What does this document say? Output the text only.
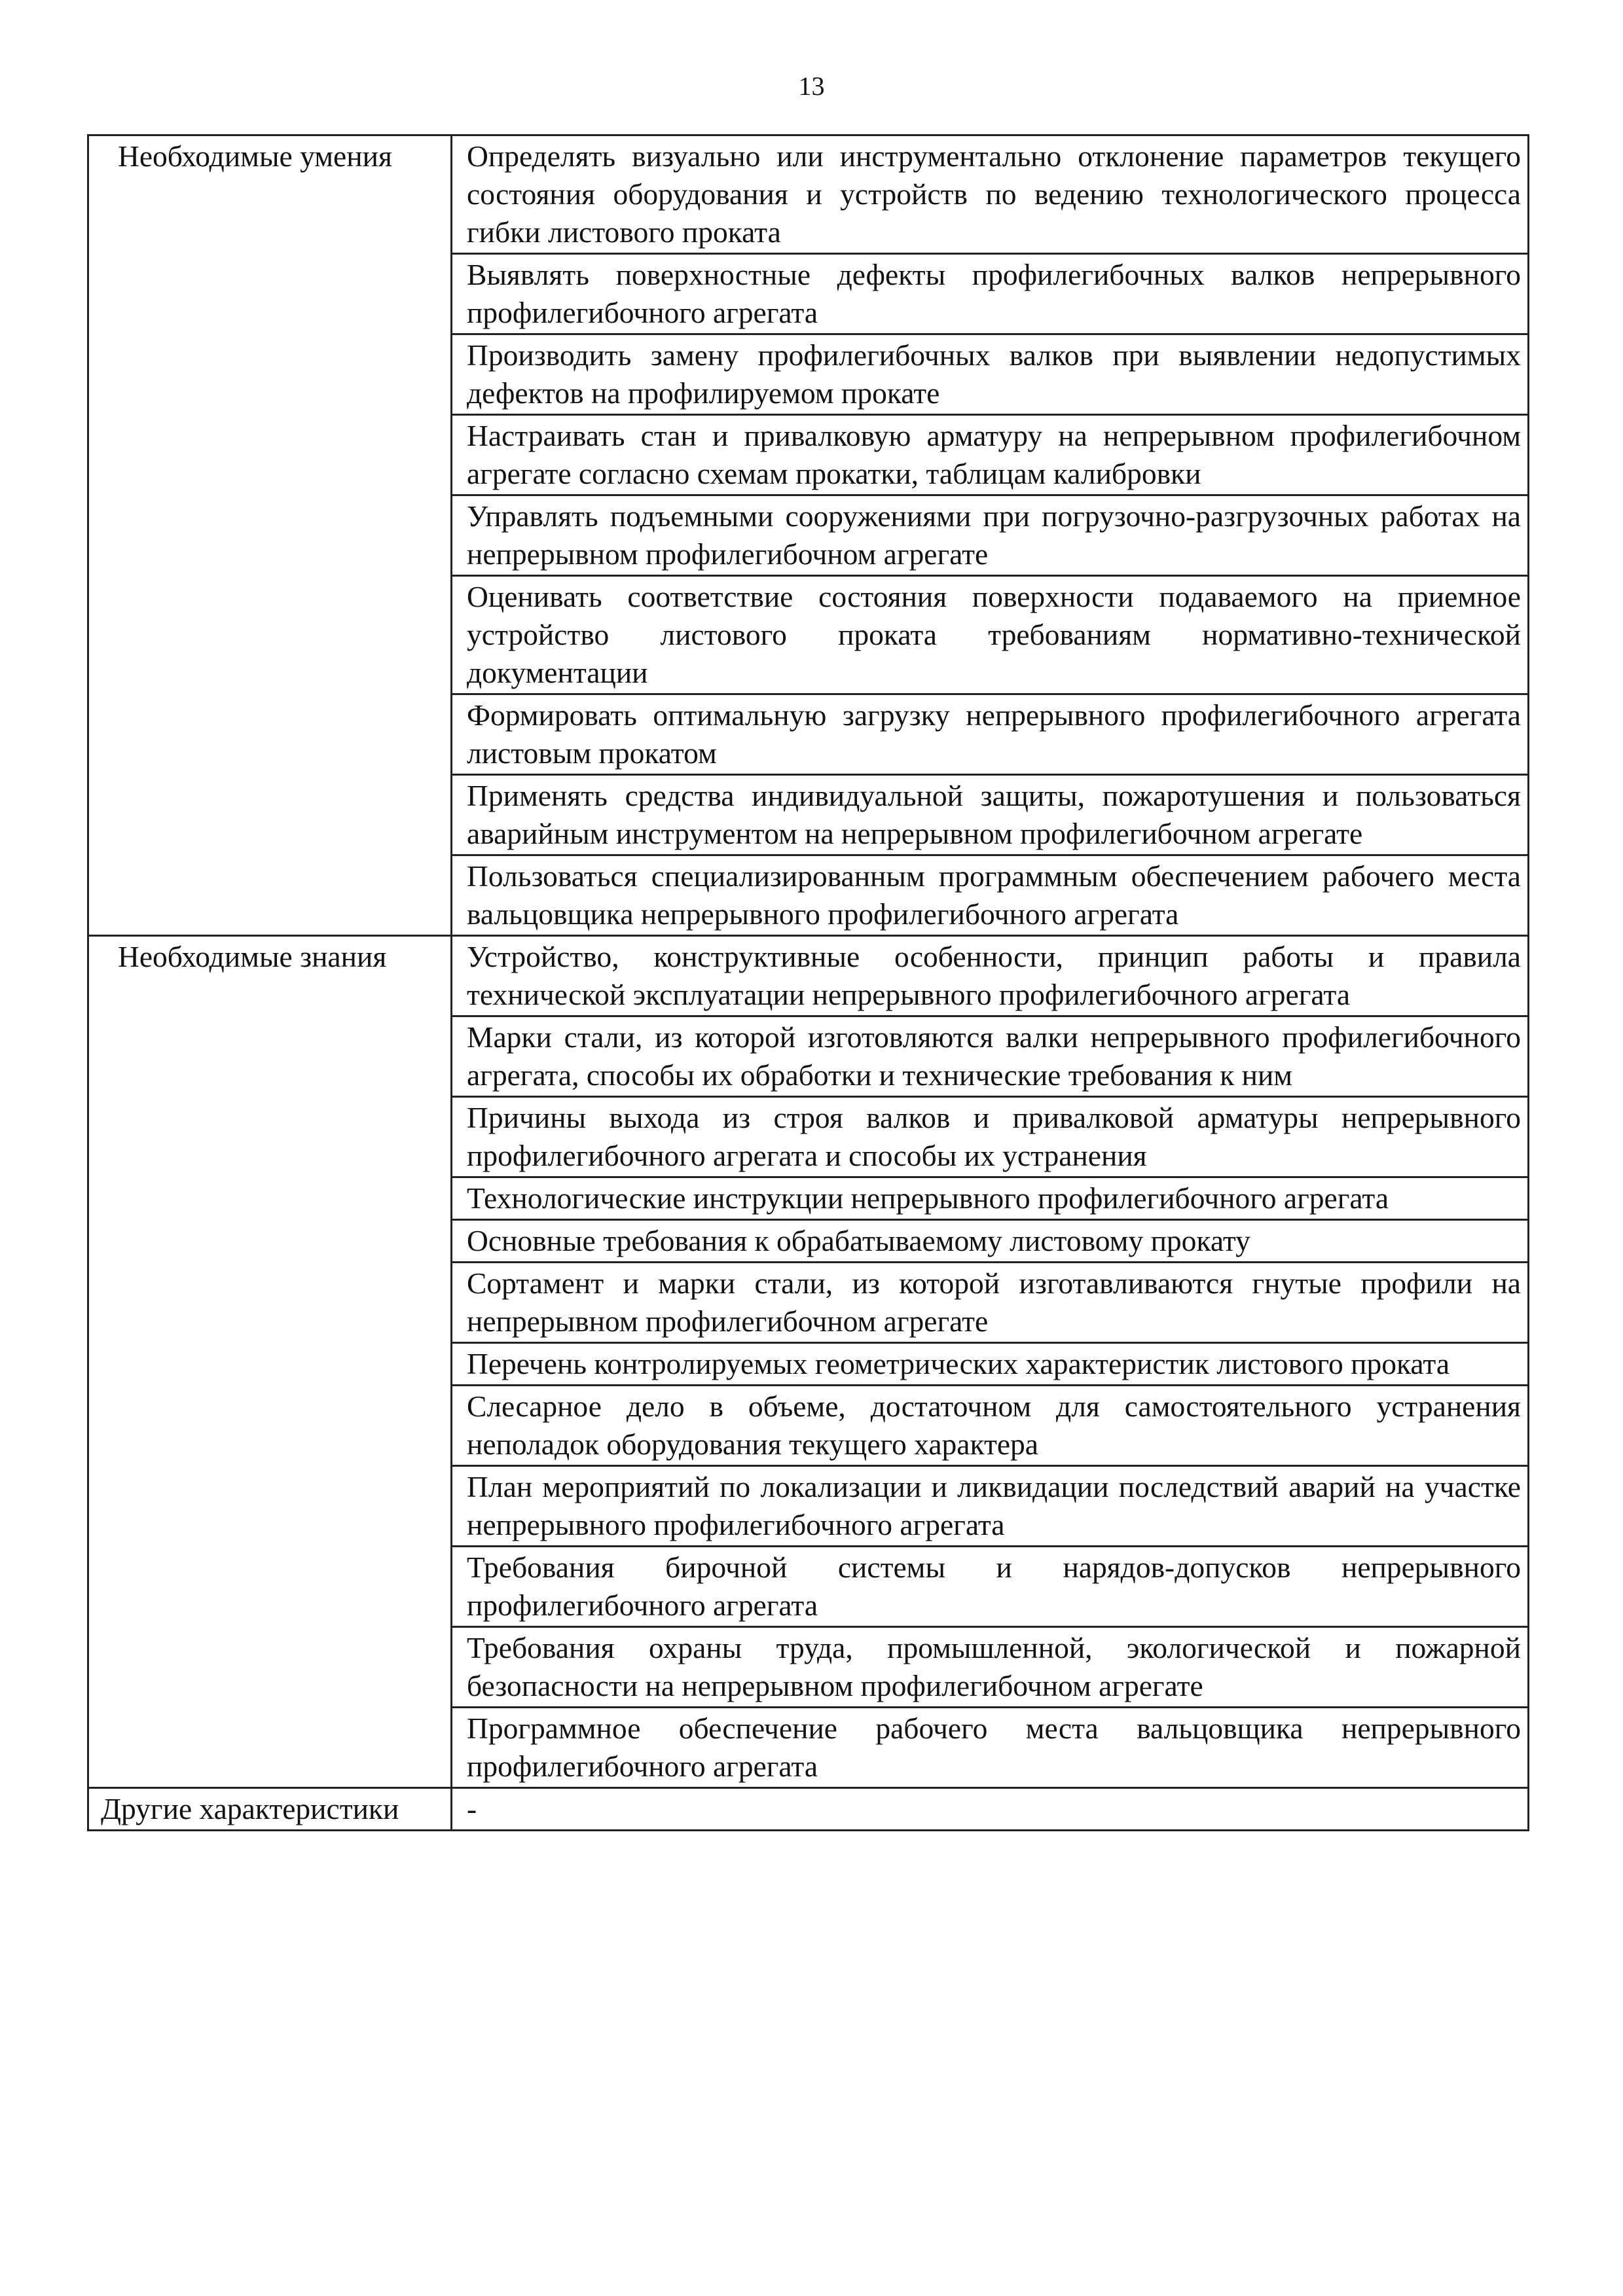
13
Необходимые умения	Определять визуально или инструментально отклонение параметров текущего состояния оборудования и устройств по ведению технологического процесса гибки листового проката
	Выявлять поверхностные дефекты профилегибочных валков непрерывного профилегибочного агрегата
	Производить замену профилегибочных валков при выявлении недопустимых дефектов на профилируемом прокате
	Настраивать стан и привалковую арматуру на непрерывном профилегибочном агрегате согласно схемам прокатки, таблицам калибровки
	Управлять подъемными сооружениями при погрузочно-разгрузочных работах на непрерывном профилегибочном агрегате
	Оценивать соответствие состояния поверхности подаваемого на приемное устройство листового проката требованиям нормативно-технической документации
	Формировать оптимальную загрузку непрерывного профилегибочного агрегата листовым прокатом
	Применять средства индивидуальной защиты, пожаротушения и пользоваться аварийным инструментом на непрерывном профилегибочном агрегате
	Пользоваться специализированным программным обеспечением рабочего места вальцовщика непрерывного профилегибочного агрегата
Необходимые знания	Устройство, конструктивные особенности, принцип работы и правила технической эксплуатации непрерывного профилегибочного агрегата
	Марки стали, из которой изготовляются валки непрерывного профилегибочного агрегата, способы их обработки и технические требования к ним
	Причины выхода из строя валков и привалковой арматуры непрерывного профилегибочного агрегата и способы их устранения
	Технологические инструкции непрерывного профилегибочного агрегата
	Основные требования к обрабатываемому листовому прокату
	Сортамент и марки стали, из которой изготавливаются гнутые профили на непрерывном профилегибочном агрегате
	Перечень контролируемых геометрических характеристик листового проката
	Слесарное дело в объеме, достаточном для самостоятельного устранения неполадок оборудования текущего характера
	План мероприятий по локализации и ликвидации последствий аварий на участке непрерывного профилегибочного агрегата
	Требования бирочной системы и нарядов-допусков непрерывного профилегибочного агрегата
	Требования охраны труда, промышленной, экологической и пожарной безопасности на непрерывном профилегибочном агрегате
	Программное обеспечение рабочего места вальцовщика непрерывного профилегибочного агрегата
Другие характеристики	-
